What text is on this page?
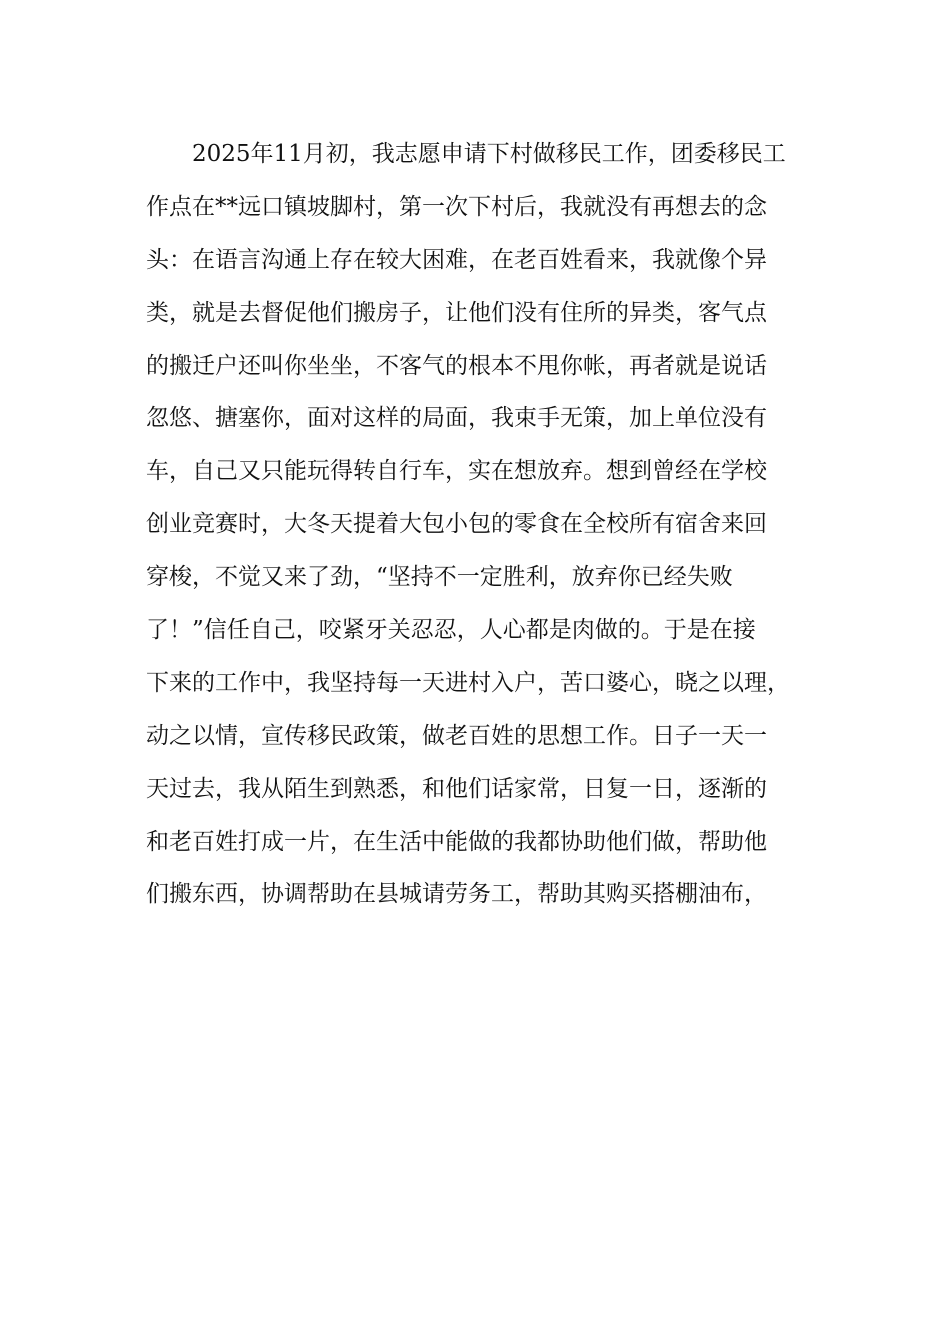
2025年11月初，我志愿申请下村做移民工作，团委移民工
作点在**远口镇坡脚村，第一次下村后，我就没有再想去的念
头：在语言沟通上存在较大困难，在老百姓看来，我就像个异
类，就是去督促他们搬房子，让他们没有住所的异类，客气点
的搬迁户还叫你坐坐，不客气的根本不甩你帐，再者就是说话
忽悠、搪塞你，面对这样的局面，我束手无策，加上单位没有
车，自己又只能玩得转自行车，实在想放弃。想到曾经在学校
创业竞赛时，大冬天提着大包小包的零食在全校所有宿舍来回
穿梭，不觉又来了劲，“坚持不一定胜利，放弃你已经失败
了！”信任自己，咬紧牙关忍忍，人心都是肉做的。于是在接
下来的工作中，我坚持每一天进村入户，苦口婆心，晓之以理，
动之以情，宣传移民政策，做老百姓的思想工作。日子一天一
天过去，我从陌生到熟悉，和他们话家常，日复一日，逐渐的
和老百姓打成一片，在生活中能做的我都协助他们做，帮助他
们搬东西，协调帮助在县城请劳务工，帮助其购买搭棚油布，
